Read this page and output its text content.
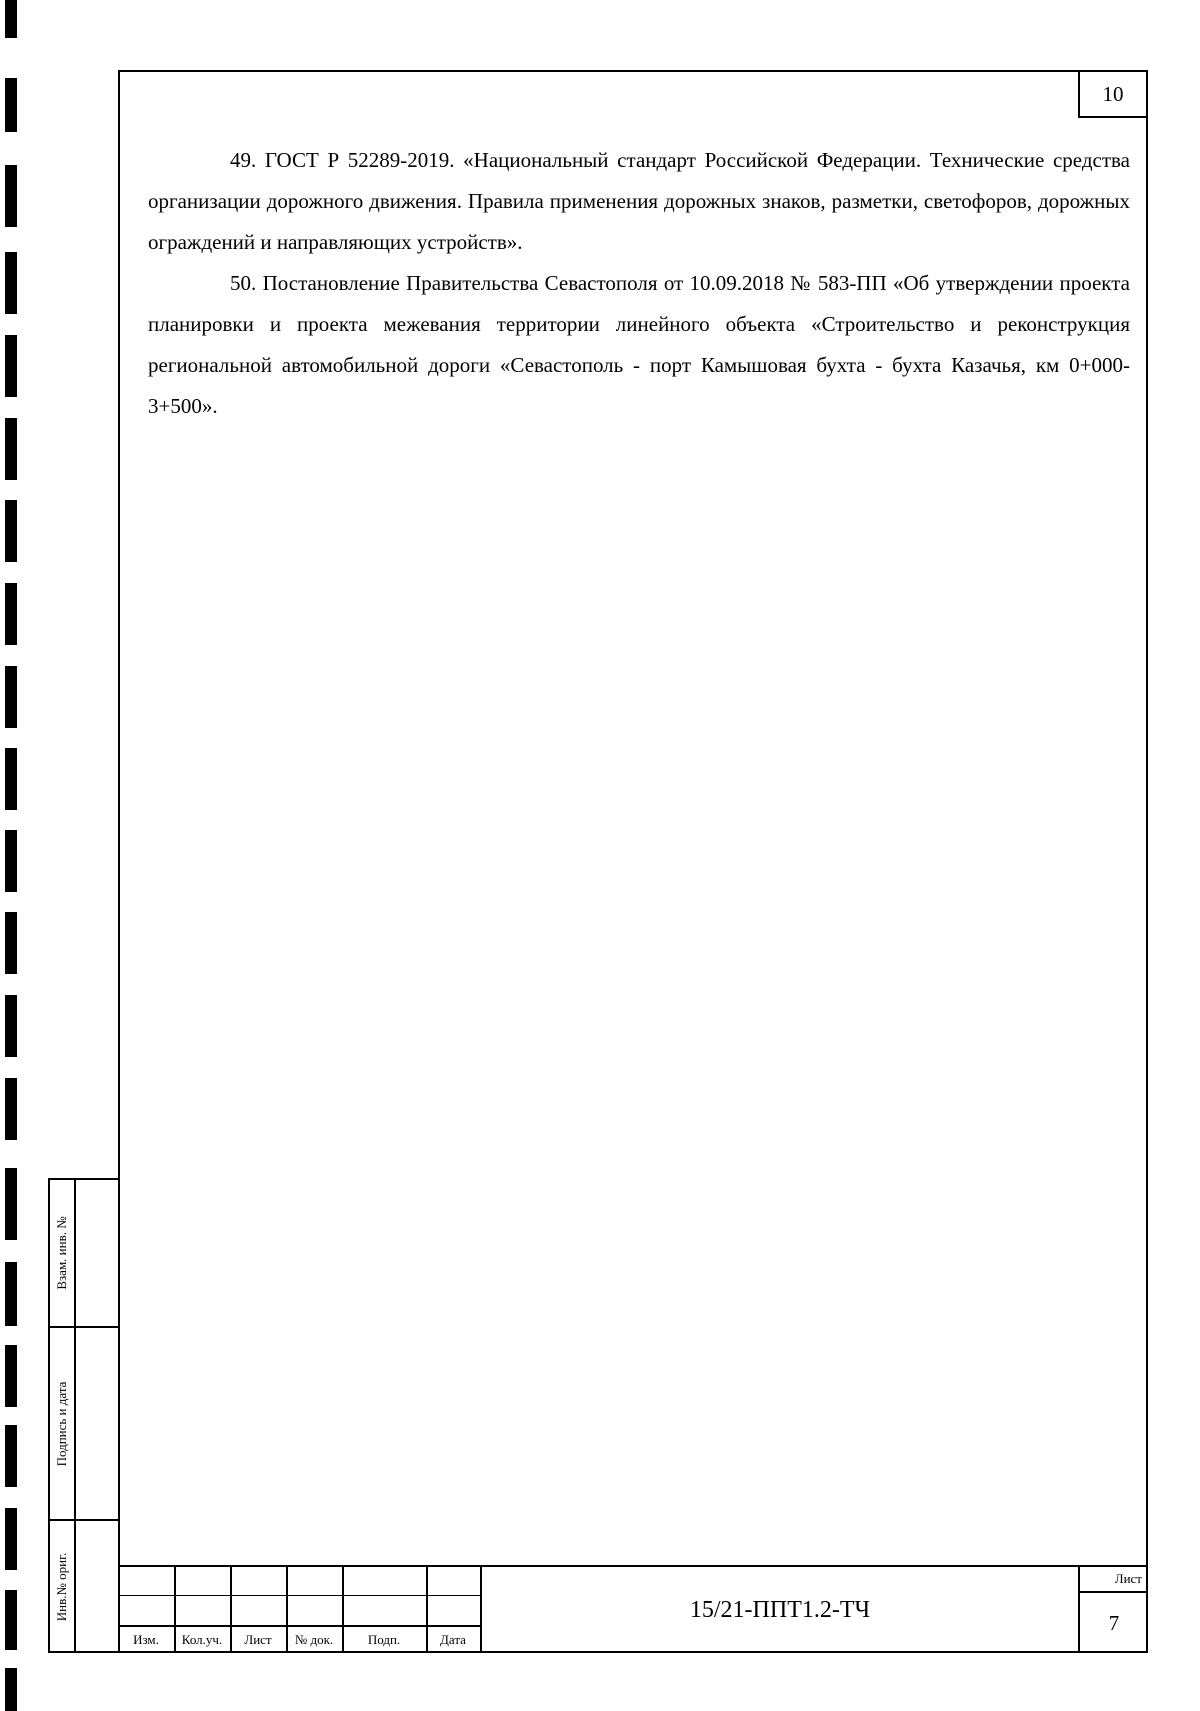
10

49. ГОСТ Р 52289-2019. «Национальный стандарт Российской Федерации. Технические средства организации дорожного движения. Правила применения дорожных знаков, разметки, светофоров, дорожных ограждений и направляющих устройств».

50. Постановление Правительства Севастополя от 10.09.2018 № 583-ПП «Об утверждении проекта планировки и проекта межевания территории линейного объекта «Строительство и реконструкция региональной автомобильной дороги «Севастополь - порт Камышовая бухта - бухта Казачья, км 0+000-3+500».

Взам. инв. №
Подпись и дата
Инв.№ ориг.
Изм.	Кол.уч.	Лист	№ док.	Подп.	Дата
15/21-ППТ1.2-ТЧ
Лист
7
